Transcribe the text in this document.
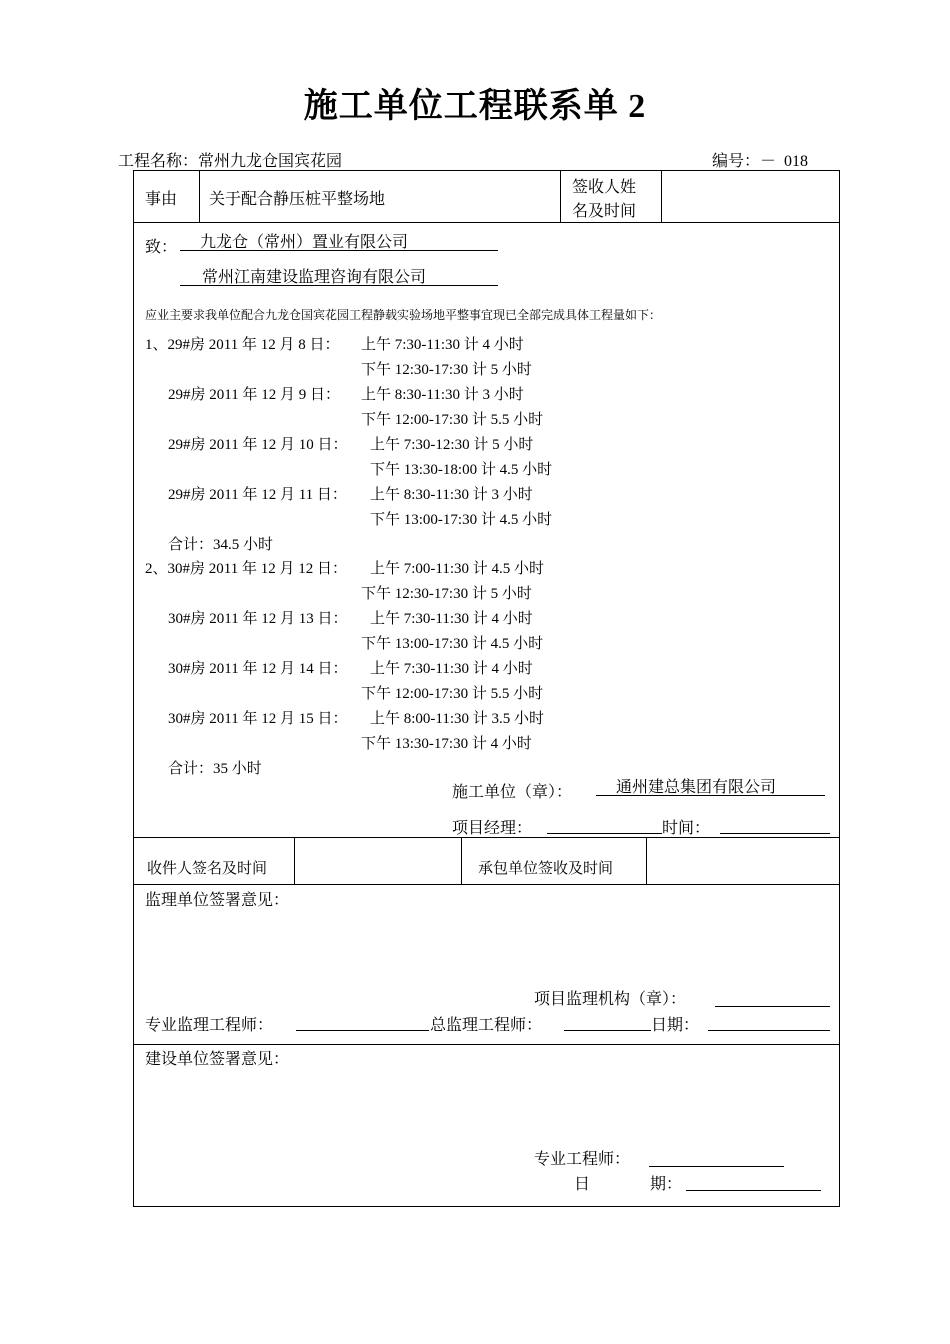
施工单位工程联系单 2
工程名称：常州九龙仓国宾花园	编号：－ 018
事由 关于配合静压桩平整场地
签收人姓
名及时间
致：	九龙仓（常州）置业有限公司
常州江南建设监理咨询有限公司
应业主要求我单位配合九龙仓国宾花园工程静载实验场地平整事宜现已全部完成具体工程量如下：
1、29#房 2011 年 12 月 8 日： 上午 7:30-11:30 计 4 小时
下午 12:30-17:30 计 5 小时
29#房 2011 年 12 月 9 日： 上午 8:30-11:30 计 3 小时
下午 12:00-17:30 计 5.5 小时
29#房 2011 年 12 月 10 日： 上午 7:30-12:30 计 5 小时
下午 13:30-18:00 计 4.5 小时
29#房 2011 年 12 月 11 日： 上午 8:30-11:30 计 3 小时
下午 13:00-17:30 计 4.5 小时
合计：34.5 小时
2、30#房 2011 年 12 月 12 日： 上午 7:00-11:30 计 4.5 小时
下午 12:30-17:30 计 5 小时
30#房 2011 年 12 月 13 日： 上午 7:30-11:30 计 4 小时
下午 13:00-17:30 计 4.5 小时
30#房 2011 年 12 月 14 日： 上午 7:30-11:30 计 4 小时
下午 12:00-17:30 计 5.5 小时
30#房 2011 年 12 月 15 日： 上午 8:00-11:30 计 3.5 小时
下午 13:30-17:30 计 4 小时
合计：35 小时
施工单位（章）：	通州建总集团有限公司
项目经理：	时间：
收件人签名及时间	承包单位签收及时间
监理单位签署意见：
项目监理机构（章）：
专业监理工程师：	总监理工程师：	日期：
建设单位签署意见：
专业工程师：
日	期：
